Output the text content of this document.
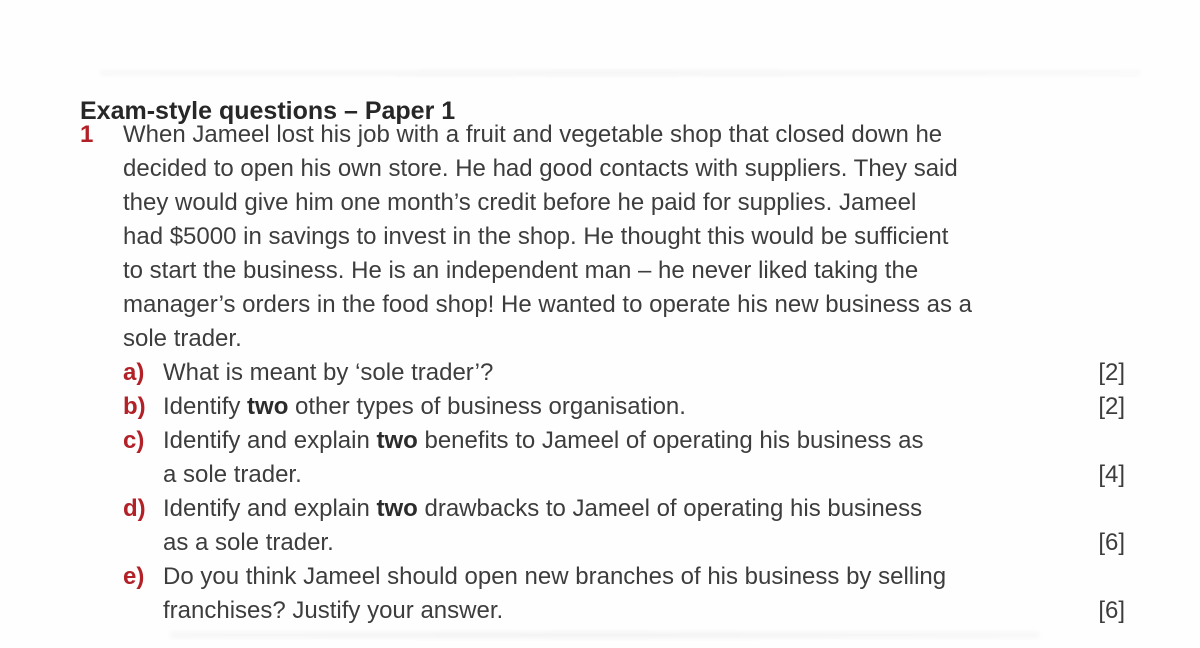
Exam-style questions – Paper 1
1 When Jameel lost his job with a fruit and vegetable shop that closed down he
decided to open his own store. He had good contacts with suppliers. They said
they would give him one month’s credit before he paid for supplies. Jameel
had $5000 in savings to invest in the shop. He thought this would be sufficient
to start the business. He is an independent man – he never liked taking the
manager’s orders in the food shop! He wanted to operate his new business as a
sole trader.
a) What is meant by ‘sole trader’?	[2]
b) Identify two other types of business organisation.	[2]
c) Identify and explain two benefits to Jameel of operating his business as
a sole trader.	[4]
d) Identify and explain two drawbacks to Jameel of operating his business
as a sole trader.	[6]
e) Do you think Jameel should open new branches of his business by selling
franchises? Justify your answer.	[6]
